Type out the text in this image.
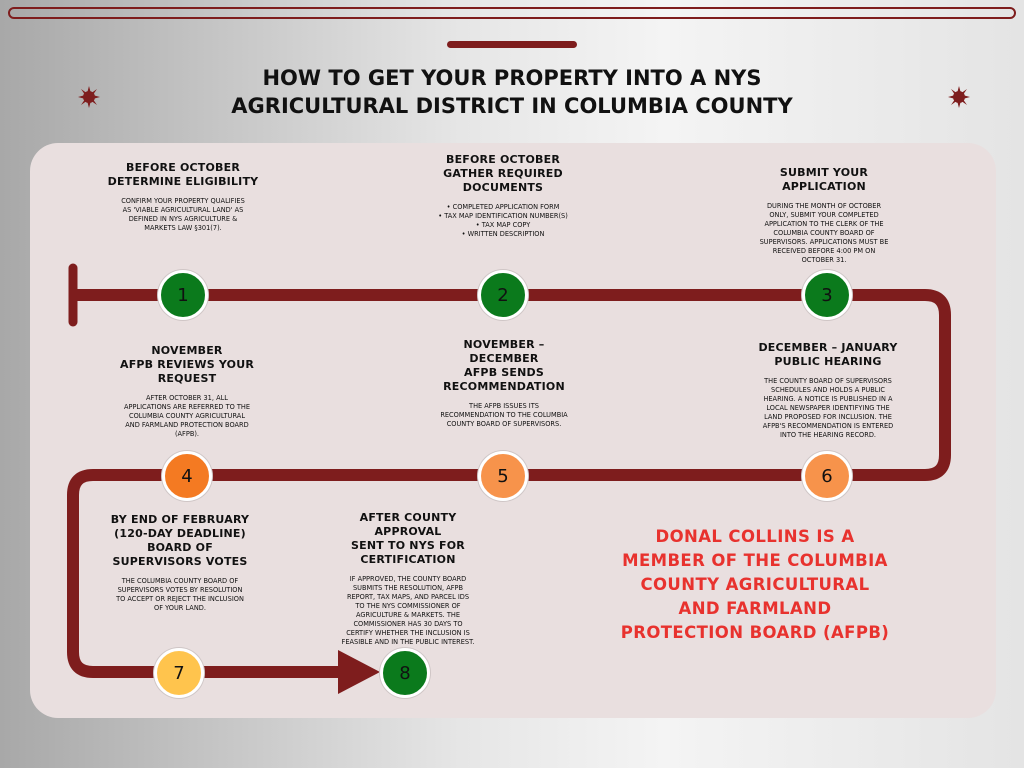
HOW TO GET YOUR PROPERTY INTO A NYS
AGRICULTURAL DISTRICT IN COLUMBIA COUNTY
1	2	3
4	5	6
7	8
BEFORE OCTOBER
DETERMINE ELIGIBILITY

CONFIRM YOUR PROPERTY QUALIFIES
AS 'VIABLE AGRICULTURAL LAND' AS
DEFINED IN NYS AGRICULTURE &
MARKETS LAW §301(7).

BEFORE OCTOBER
GATHER REQUIRED
DOCUMENTS

• COMPLETED APPLICATION FORM
• TAX MAP IDENTIFICATION NUMBER(S)
• TAX MAP COPY
• WRITTEN DESCRIPTION

SUBMIT YOUR
APPLICATION

DURING THE MONTH OF OCTOBER
ONLY, SUBMIT YOUR COMPLETED
APPLICATION TO THE CLERK OF THE
COLUMBIA COUNTY BOARD OF
SUPERVISORS. APPLICATIONS MUST BE
RECEIVED BEFORE 4:00 PM ON
OCTOBER 31.

NOVEMBER
AFPB REVIEWS YOUR
REQUEST

AFTER OCTOBER 31, ALL
APPLICATIONS ARE REFERRED TO THE
COLUMBIA COUNTY AGRICULTURAL
AND FARMLAND PROTECTION BOARD
(AFPB).

NOVEMBER –
DECEMBER
AFPB SENDS
RECOMMENDATION

THE AFPB ISSUES ITS
RECOMMENDATION TO THE COLUMBIA
COUNTY BOARD OF SUPERVISORS.

DECEMBER – JANUARY
PUBLIC HEARING

THE COUNTY BOARD OF SUPERVISORS
SCHEDULES AND HOLDS A PUBLIC
HEARING. A NOTICE IS PUBLISHED IN A
LOCAL NEWSPAPER IDENTIFYING THE
LAND PROPOSED FOR INCLUSION. THE
AFPB'S RECOMMENDATION IS ENTERED
INTO THE HEARING RECORD.

BY END OF FEBRUARY
(120-DAY DEADLINE)
BOARD OF
SUPERVISORS VOTES

THE COLUMBIA COUNTY BOARD OF
SUPERVISORS VOTES BY RESOLUTION
TO ACCEPT OR REJECT THE INCLUSION
OF YOUR LAND.

AFTER COUNTY
APPROVAL
SENT TO NYS FOR
CERTIFICATION

IF APPROVED, THE COUNTY BOARD
SUBMITS THE RESOLUTION, AFPB
REPORT, TAX MAPS, AND PARCEL IDS
TO THE NYS COMMISSIONER OF
AGRICULTURE & MARKETS. THE
COMMISSIONER HAS 30 DAYS TO
CERTIFY WHETHER THE INCLUSION IS
FEASIBLE AND IN THE PUBLIC INTEREST.

DONAL COLLINS IS A
MEMBER OF THE COLUMBIA
COUNTY AGRICULTURAL
AND FARMLAND
PROTECTION BOARD (AFPB)
